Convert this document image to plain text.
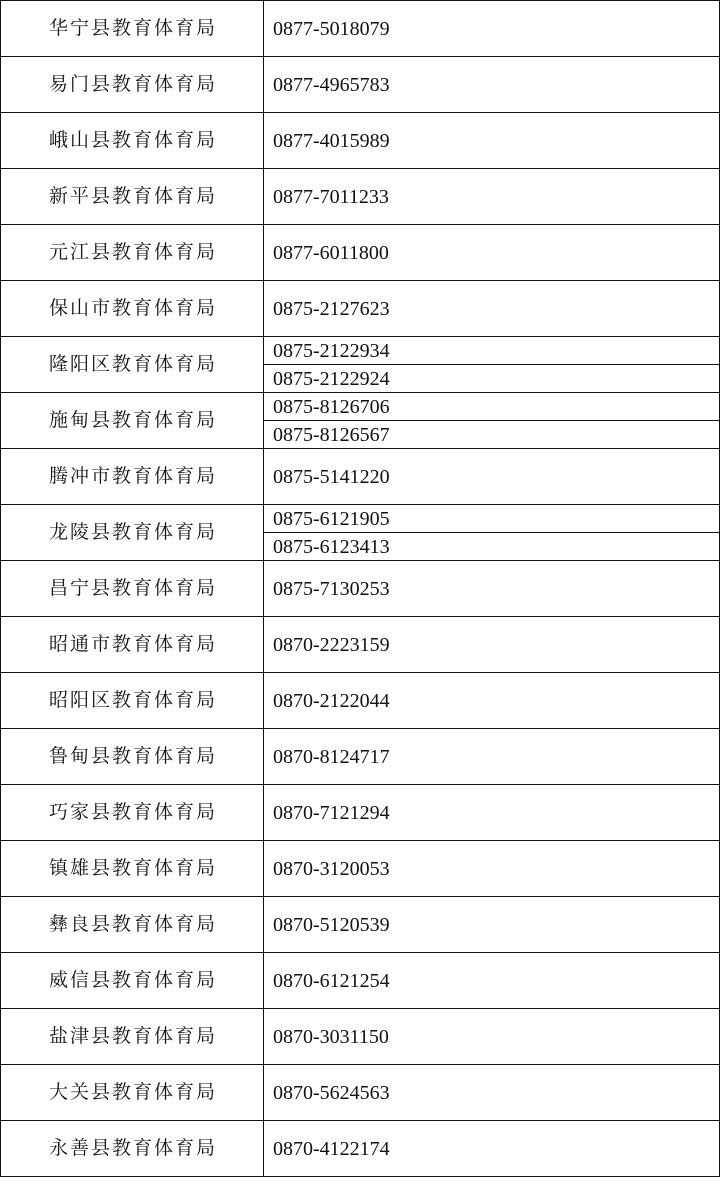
华宁县教育体育局	0877-5018079
易门县教育体育局	0877-4965783
峨山县教育体育局	0877-4015989
新平县教育体育局	0877-7011233
元江县教育体育局	0877-6011800
保山市教育体育局	0875-2127623
隆阳区教育体育局	0875-2122934
	0875-2122924
施甸县教育体育局	0875-8126706
	0875-8126567
腾冲市教育体育局	0875-5141220
龙陵县教育体育局	0875-6121905
	0875-6123413
昌宁县教育体育局	0875-7130253
昭通市教育体育局	0870-2223159
昭阳区教育体育局	0870-2122044
鲁甸县教育体育局	0870-8124717
巧家县教育体育局	0870-7121294
镇雄县教育体育局	0870-3120053
彝良县教育体育局	0870-5120539
威信县教育体育局	0870-6121254
盐津县教育体育局	0870-3031150
大关县教育体育局	0870-5624563
永善县教育体育局	0870-4122174
